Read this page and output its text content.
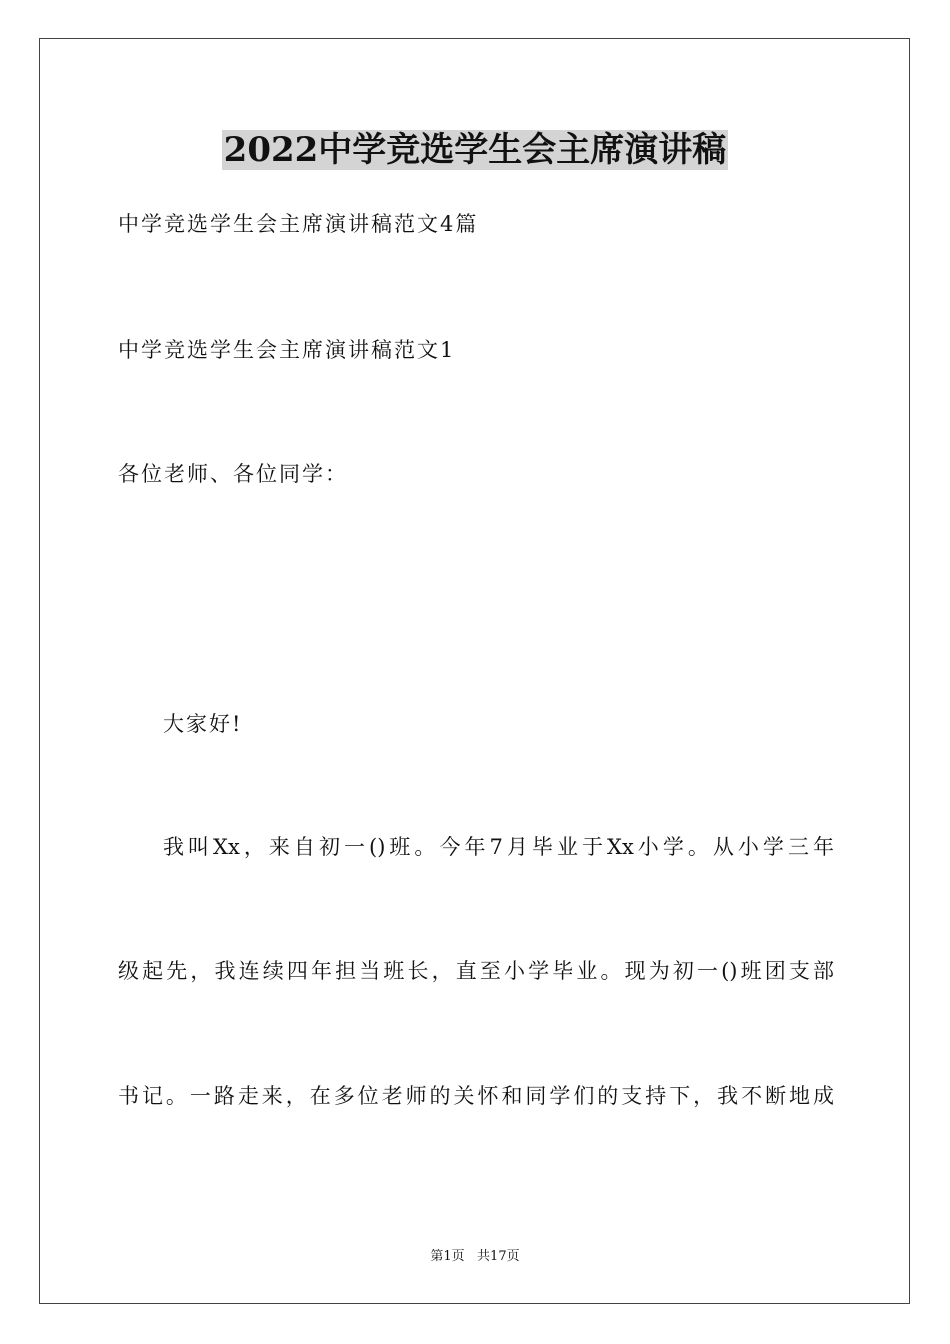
2022中学竞选学生会主席演讲稿
中学竞选学生会主席演讲稿范文4篇
中学竞选学生会主席演讲稿范文1
各位老师、各位同学：
大家好!
我叫Xx，来自初一()班。今年7月毕业于Xx小学。从小学三年
级起先，我连续四年担当班长，直至小学毕业。现为初一()班团支部
书记。一路走来，在多位老师的关怀和同学们的支持下，我不断地成
第1页   共17页
